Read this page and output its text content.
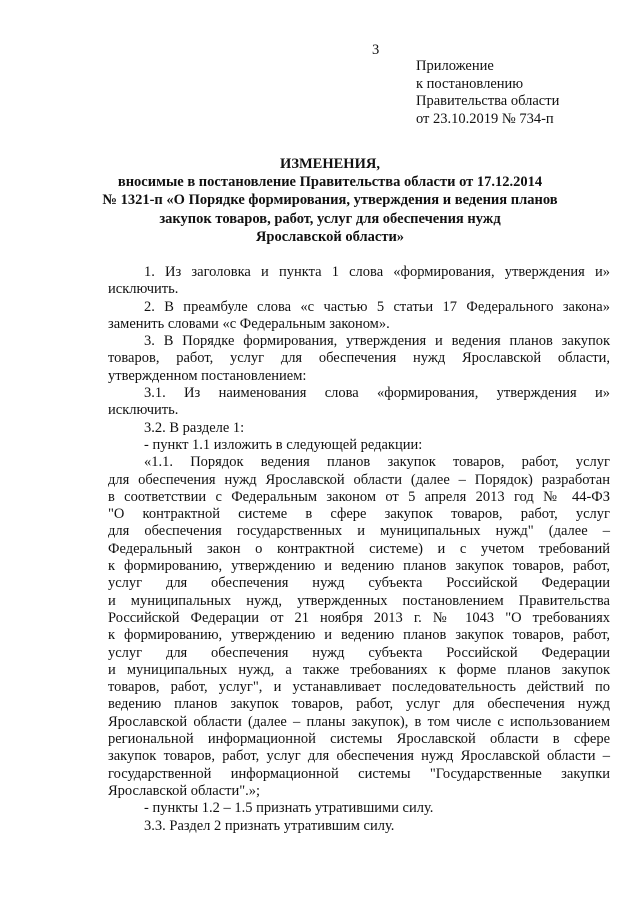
3
Приложение
к постановлению
Правительства области
от 23.10.2019 № 734-п
ИЗМЕНЕНИЯ,
вносимые в постановление Правительства области от 17.12.2014
№ 1321-п «О Порядке формирования, утверждения и ведения планов
закупок товаров, работ, услуг для обеспечения нужд
Ярославской области»
1. Из заголовка и пункта 1 слова «формирования, утверждения и»
исключить.
2. В преамбуле слова «с частью 5 статьи 17 Федерального закона»
заменить словами «с Федеральным законом».
3. В Порядке формирования, утверждения и ведения планов закупок
товаров, работ, услуг для обеспечения нужд Ярославской области,
утвержденном постановлением:
3.1. Из наименования слова «формирования, утверждения и»
исключить.
3.2. В разделе 1:
- пункт 1.1 изложить в следующей редакции:
«1.1. Порядок ведения планов закупок товаров, работ, услуг
для обеспечения нужд Ярославской области (далее – Порядок) разработан
в соответствии с Федеральным законом от 5 апреля 2013 год № 44-ФЗ
"О контрактной системе в сфере закупок товаров, работ, услуг
для обеспечения государственных и муниципальных нужд" (далее –
Федеральный закон о контрактной системе) и с учетом требований
к формированию, утверждению и ведению планов закупок товаров, работ,
услуг для обеспечения нужд субъекта Российской Федерации
и муниципальных нужд, утвержденных постановлением Правительства
Российской Федерации от 21 ноября 2013 г. № 1043 "О требованиях
к формированию, утверждению и ведению планов закупок товаров, работ,
услуг для обеспечения нужд субъекта Российской Федерации
и муниципальных нужд, а также требованиях к форме планов закупок
товаров, работ, услуг", и устанавливает последовательность действий по
ведению планов закупок товаров, работ, услуг для обеспечения нужд
Ярославской области (далее – планы закупок), в том числе с использованием
региональной информационной системы Ярославской области в сфере
закупок товаров, работ, услуг для обеспечения нужд Ярославской области –
государственной информационной системы "Государственные закупки
Ярославской области".»;
- пункты 1.2 – 1.5 признать утратившими силу.
3.3. Раздел 2 признать утратившим силу.
